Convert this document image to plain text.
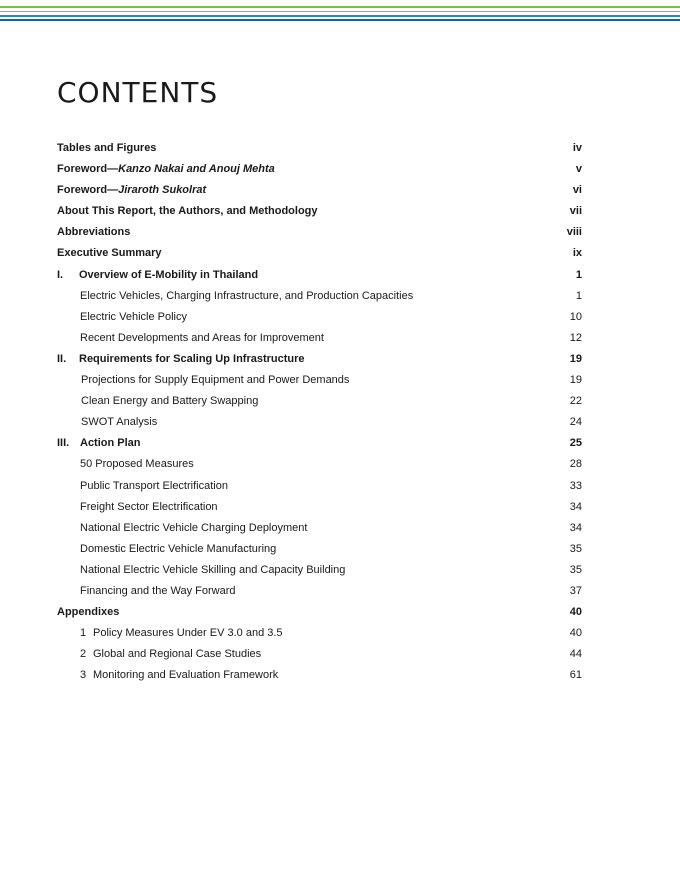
CONTENTS
Tables and Figures	iv
Foreword—Kanzo Nakai and Anouj Mehta	v
Foreword—Jiraroth Sukolrat	vi
About This Report, the Authors, and Methodology	vii
Abbreviations	viii
Executive Summary	ix
I. Overview of E-Mobility in Thailand	1
Electric Vehicles, Charging Infrastructure, and Production Capacities	1
Electric Vehicle Policy	10
Recent Developments and Areas for Improvement	12
II. Requirements for Scaling Up Infrastructure	19
Projections for Supply Equipment and Power Demands	19
Clean Energy and Battery Swapping	22
SWOT Analysis	24
III. Action Plan	25
50 Proposed Measures	28
Public Transport Electrification	33
Freight Sector Electrification	34
National Electric Vehicle Charging Deployment	34
Domestic Electric Vehicle Manufacturing	35
National Electric Vehicle Skilling and Capacity Building	35
Financing and the Way Forward	37
Appendixes	40
1 Policy Measures Under EV 3.0 and 3.5	40
2 Global and Regional Case Studies	44
3 Monitoring and Evaluation Framework	61
